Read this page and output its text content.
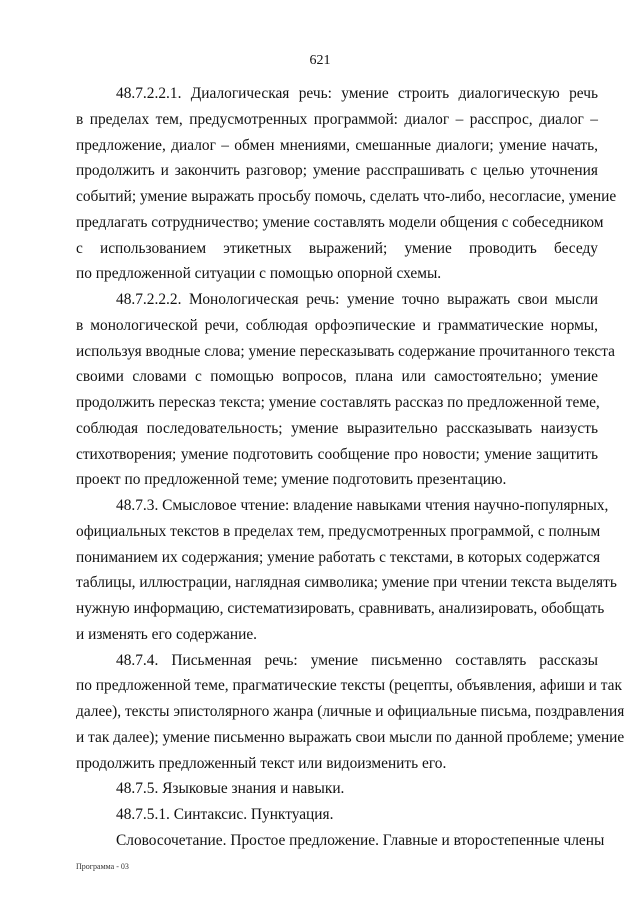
621

48.7.2.2.1. Диалогическая речь: умение строить диалогическую речь
в пределах тем, предусмотренных программой: диалог – расспрос, диалог –
предложение, диалог – обмен мнениями, смешанные диалоги; умение начать,
продолжить и закончить разговор; умение расспрашивать с целью уточнения
событий; умение выражать просьбу помочь, сделать что-либо, несогласие, умение
предлагать сотрудничество; умение составлять модели общения с собеседником
с использованием этикетных выражений; умение проводить беседу
по предложенной ситуации с помощью опорной схемы.

48.7.2.2.2. Монологическая речь: умение точно выражать свои мысли
в монологической речи, соблюдая орфоэпические и грамматические нормы,
используя вводные слова; умение пересказывать содержание прочитанного текста
своими словами с помощью вопросов, плана или самостоятельно; умение
продолжить пересказ текста; умение составлять рассказ по предложенной теме,
соблюдая последовательность; умение выразительно рассказывать наизусть
стихотворения; умение подготовить сообщение про новости; умение защитить
проект по предложенной теме; умение подготовить презентацию.

48.7.3. Смысловое чтение: владение навыками чтения научно-популярных,
официальных текстов в пределах тем, предусмотренных программой, с полным
пониманием их содержания; умение работать с текстами, в которых содержатся
таблицы, иллюстрации, наглядная символика; умение при чтении текста выделять
нужную информацию, систематизировать, сравнивать, анализировать, обобщать
и изменять его содержание.

48.7.4. Письменная речь: умение письменно составлять рассказы
по предложенной теме, прагматические тексты (рецепты, объявления, афиши и так
далее), тексты эпистолярного жанра (личные и официальные письма, поздравления
и так далее); умение письменно выражать свои мысли по данной проблеме; умение
продолжить предложенный текст или видоизменить его.

48.7.5. Языковые знания и навыки.

48.7.5.1. Синтаксис. Пунктуация.

Словосочетание. Простое предложение. Главные и второстепенные члены

Программа - 03
